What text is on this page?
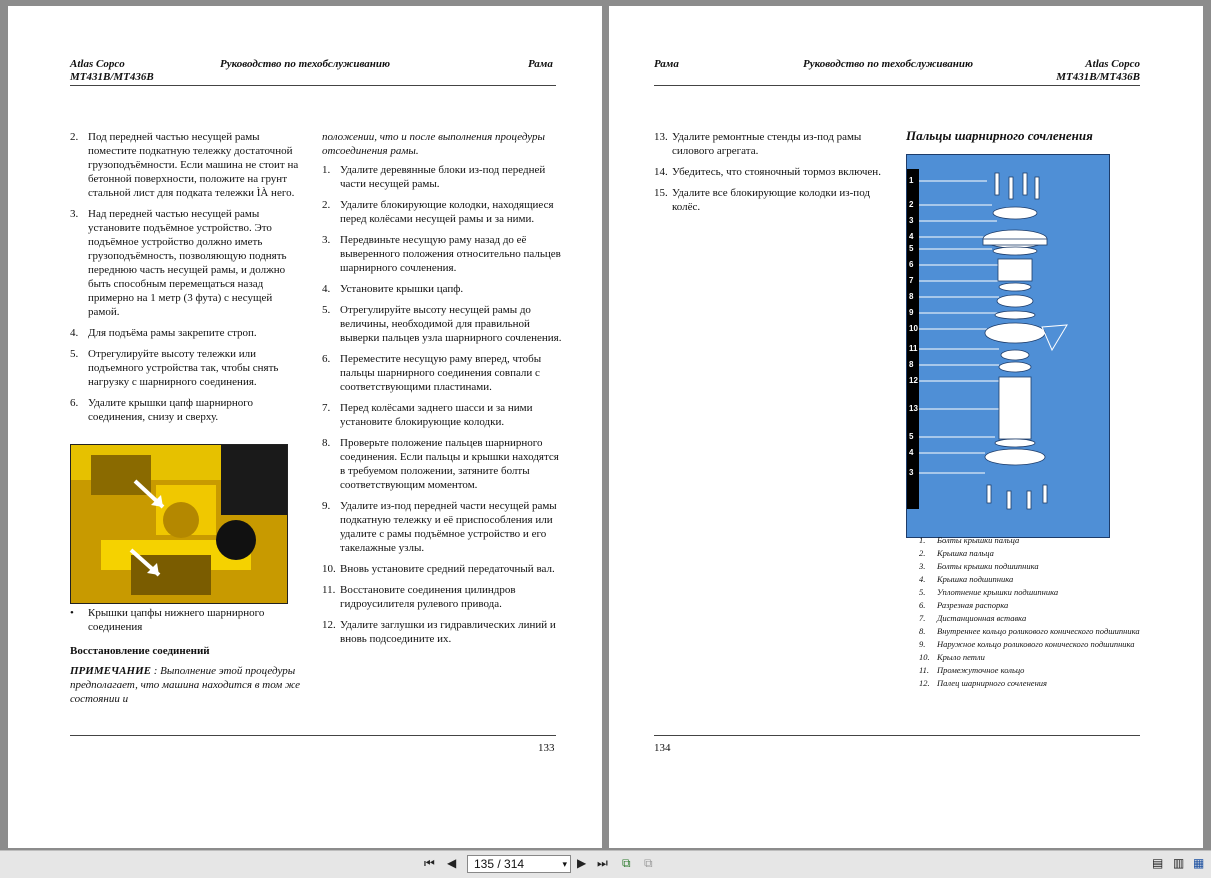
Atlas Copco
MT431B/MT436B
Руководство по техобслуживанию	Рама
2. Под передней частью несущей рамы поместите подкатную тележку достаточной грузоподъёмности. Если машина не стоит на бетонной поверхности, положите на грунт стальной лист для подката тележки ÌÀ него.
3. Над передней частью несущей рамы установите подъёмное устройство. Это подъёмное устройство должно иметь грузоподъёмность, позволяющую поднять переднюю часть несущей рамы, и должно быть способным перемещаться назад примерно на 1 метр (3 фута) с несущей рамой.
4. Для подъёма рамы закрепите строп.
5. Отрегулируйте высоту тележки или подъемного устройства так, чтобы снять нагрузку с шарнирного соединения.
6. Удалите крышки цапф шарнирного соединения, снизу и сверху.
• Крышки цапфы нижнего шарнирного соединения
Восстановление соединений
ПРИМЕЧАНИЕ : Выполнение этой процедуры предполагает, что машина находится в том же состоянии и
положении, что и после выполнения процедуры отсоединения рамы.
1. Удалите деревянные блоки из-под передней части несущей рамы.
2. Удалите блокирующие колодки, находящиеся перед колёсами несущей рамы и за ними.
3. Передвиньте несущую раму назад до её выверенного положения относительно пальцев шарнирного сочленения.
4. Установите крышки цапф.
5. Отрегулируйте высоту несущей рамы до величины, необходимой для правильной выверки пальцев узла шарнирного сочленения.
6. Переместите несущую раму вперед, чтобы пальцы шарнирного соединения совпали с соответствующими пластинами.
7. Перед колёсами заднего шасси и за ними установите блокирующие колодки.
8. Проверьте положение пальцев шарнирного соединения. Если пальцы и крышки находятся в требуемом положении, затяните болты соответствующим моментом.
9. Удалите из-под передней части несущей рамы подкатную тележку и её приспособления или удалите с рамы подъёмное устройство и его такелажные узлы.
10. Вновь установите средний передаточный вал.
11. Восстановите соединения цилиндров гидроусилителя рулевого привода.
12. Удалите заглушки из гидравлических линий и вновь подсоедините их.
133
Рама	Руководство по техобслуживанию	Atlas Copco
MT431B/MT436B
13. Удалите ремонтные стенды из-под рамы силового агрегата.
14. Убедитесь, что стояночный тормоз включен.
15. Удалите все блокирующие колодки из-под колёс.
Пальцы шарнирного сочленения
1
2
3
4
5
6
7
8
9
10
11
8
12
13
5
4
3
1. Болты крышки пальца
2. Крышка пальца
3. Болты крышки подшипника
4. Крышка подшипника
5. Уплотнение крышки подшипника
6. Разрезная распорка
7. Дистанционная вставка
8. Внутреннее кольцо роликового конического подшипника
9. Наружное кольцо роликового конического подшипника
10. Крыло петли
11. Промежуточное кольцо
12. Палец шарнирного сочленения
134
⏮ ◀ 135 / 314	▾ ▶ ⏭ ⧉ ⧉	▤ ▥ ▦
